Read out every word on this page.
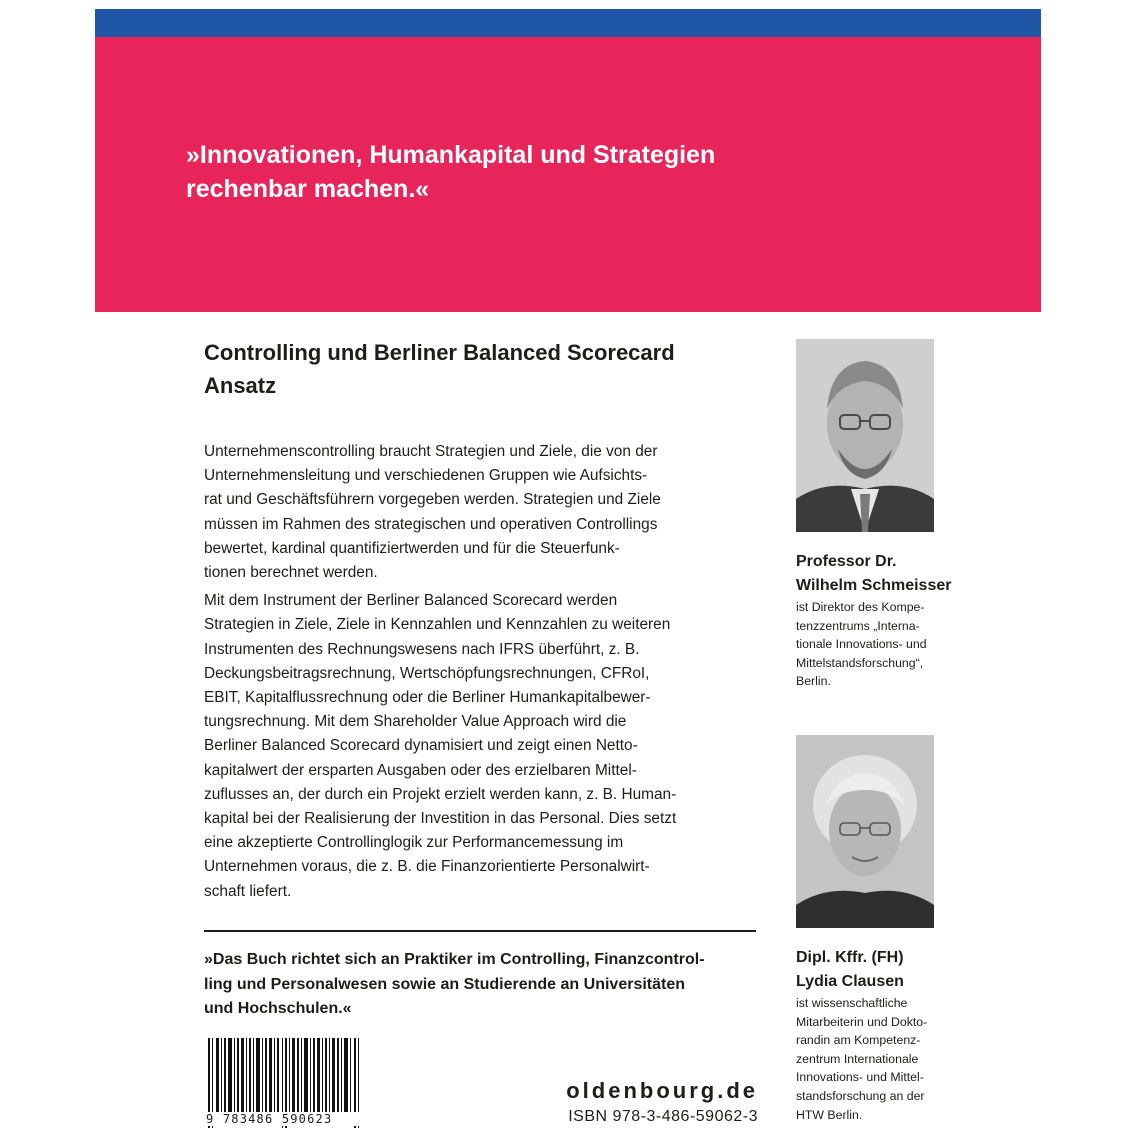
»Innovationen, Humankapital und Strategien
rechenbar machen.«
Controlling und Berliner Balanced Scorecard
Ansatz

Unternehmenscontrolling braucht Strategien und Ziele, die von der
Unternehmensleitung und verschiedenen Gruppen wie Aufsichts-
rat und Geschäftsführern vorgegeben werden. Strategien und Ziele
müssen im Rahmen des strategischen und operativen Controllings
bewertet, kardinal quantifiziertwerden und für die Steuerfunk-
tionen berechnet werden.

Mit dem Instrument der Berliner Balanced Scorecard werden
Strategien in Ziele, Ziele in Kennzahlen und Kennzahlen zu weiteren
Instrumenten des Rechnungswesens nach IFRS überführt, z. B.
Deckungsbeitragsrechnung, Wertschöpfungsrechnungen, CFRoI,
EBIT, Kapitalflussrechnung oder die Berliner Humankapitalbewer-
tungsrechnung. Mit dem Shareholder Value Approach wird die
Berliner Balanced Scorecard dynamisiert und zeigt einen Netto-
kapitalwert der ersparten Ausgaben oder des erzielbaren Mittel-
zuflusses an, der durch ein Projekt erzielt werden kann, z. B. Human-
kapital bei der Realisierung der Investition in das Personal. Dies setzt
eine akzeptierte Controllinglogik zur Performancemessung im
Unternehmen voraus, die z. B. die Finanzorientierte Personalwirt-
schaft liefert.

»Das Buch richtet sich an Praktiker im Controlling, Finanzcontrol-
ling und Personalwesen sowie an Studierende an Universitäten
und Hochschulen.«

9 783486 590623

oldenbourg.de

ISBN 978-3-486-59062-3

Professor Dr.
Wilhelm Schmeisser

ist Direktor des Kompe-
tenzzentrums „Interna-
tionale Innovations- und
Mittelstandsforschung“,
Berlin.

Dipl. Kffr. (FH)
Lydia Clausen

ist wissenschaftliche
Mitarbeiterin und Dokto-
randin am Kompetenz-
zentrum Internationale
Innovations- und Mittel-
standsforschung an der
HTW Berlin.
